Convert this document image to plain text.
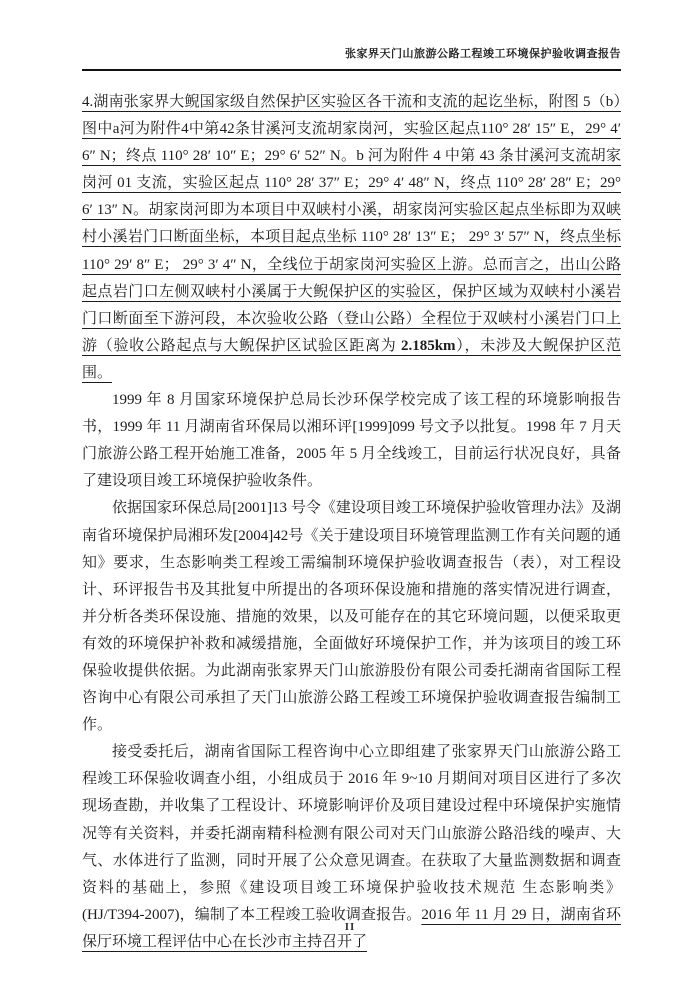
张家界天门山旅游公路工程竣工环境保护验收调查报告

4.湖南张家界大鲵国家级自然保护区实验区各干流和支流的起讫坐标，附图 5（b）图中a河为附件4中第42条甘溪河支流胡家岗河，实验区起点110° 28′ 15″ E，29° 4′ 6″ N；终点 110° 28′ 10″ E；29° 6′ 52″ N。b 河为附件 4 中第 43 条甘溪河支流胡家岗河 01 支流，实验区起点 110° 28′ 37″ E；29° 4′ 48″ N，终点 110° 28′ 28″ E；29° 6′ 13″ N。胡家岗河即为本项目中双峡村小溪，胡家岗河实验区起点坐标即为双峡村小溪岩门口断面坐标，本项目起点坐标 110° 28′ 13″ E； 29° 3′ 57″ N，终点坐标 110° 29′ 8″ E； 29° 3′ 4″ N，全线位于胡家岗河实验区上游。总而言之，出山公路起点岩门口左侧双峡村小溪属于大鲵保护区的实验区，保护区域为双峡村小溪岩门口断面至下游河段，本次验收公路（登山公路）全程位于双峡村小溪岩门口上游（验收公路起点与大鲵保护区试验区距离为 2.185km），未涉及大鲵保护区范围。

1999 年 8 月国家环境保护总局长沙环保学校完成了该工程的环境影响报告书，1999 年 11 月湖南省环保局以湘环评[1999]099 号文予以批复。1998 年 7 月天门旅游公路工程开始施工准备，2005 年 5 月全线竣工，目前运行状况良好，具备了建设项目竣工环境保护验收条件。

依据国家环保总局[2001]13 号令《建设项目竣工环境保护验收管理办法》及湖南省环境保护局湘环发[2004]42号《关于建设项目环境管理监测工作有关问题的通知》要求，生态影响类工程竣工需编制环境保护验收调查报告（表），对工程设计、环评报告书及其批复中所提出的各项环保设施和措施的落实情况进行调查，并分析各类环保设施、措施的效果，以及可能存在的其它环境问题，以便采取更有效的环境保护补救和减缓措施，全面做好环境保护工作，并为该项目的竣工环保验收提供依据。为此湖南张家界天门山旅游股份有限公司委托湖南省国际工程咨询中心有限公司承担了天门山旅游公路工程竣工环境保护验收调查报告编制工作。

接受委托后，湖南省国际工程咨询中心立即组建了张家界天门山旅游公路工程竣工环保验收调查小组，小组成员于 2016 年 9~10 月期间对项目区进行了多次现场查勘，并收集了工程设计、环境影响评价及项目建设过程中环境保护实施情况等有关资料，并委托湖南精科检测有限公司对天门山旅游公路沿线的噪声、大气、水体进行了监测，同时开展了公众意见调查。在获取了大量监测数据和调查资料的基础上，参照《建设项目竣工环境保护验收技术规范 生态影响类》(HJ/T394-2007)，编制了本工程竣工验收调查报告。2016 年 11 月 29 日，湖南省环保厅环境工程评估中心在长沙市主持召开了

II
